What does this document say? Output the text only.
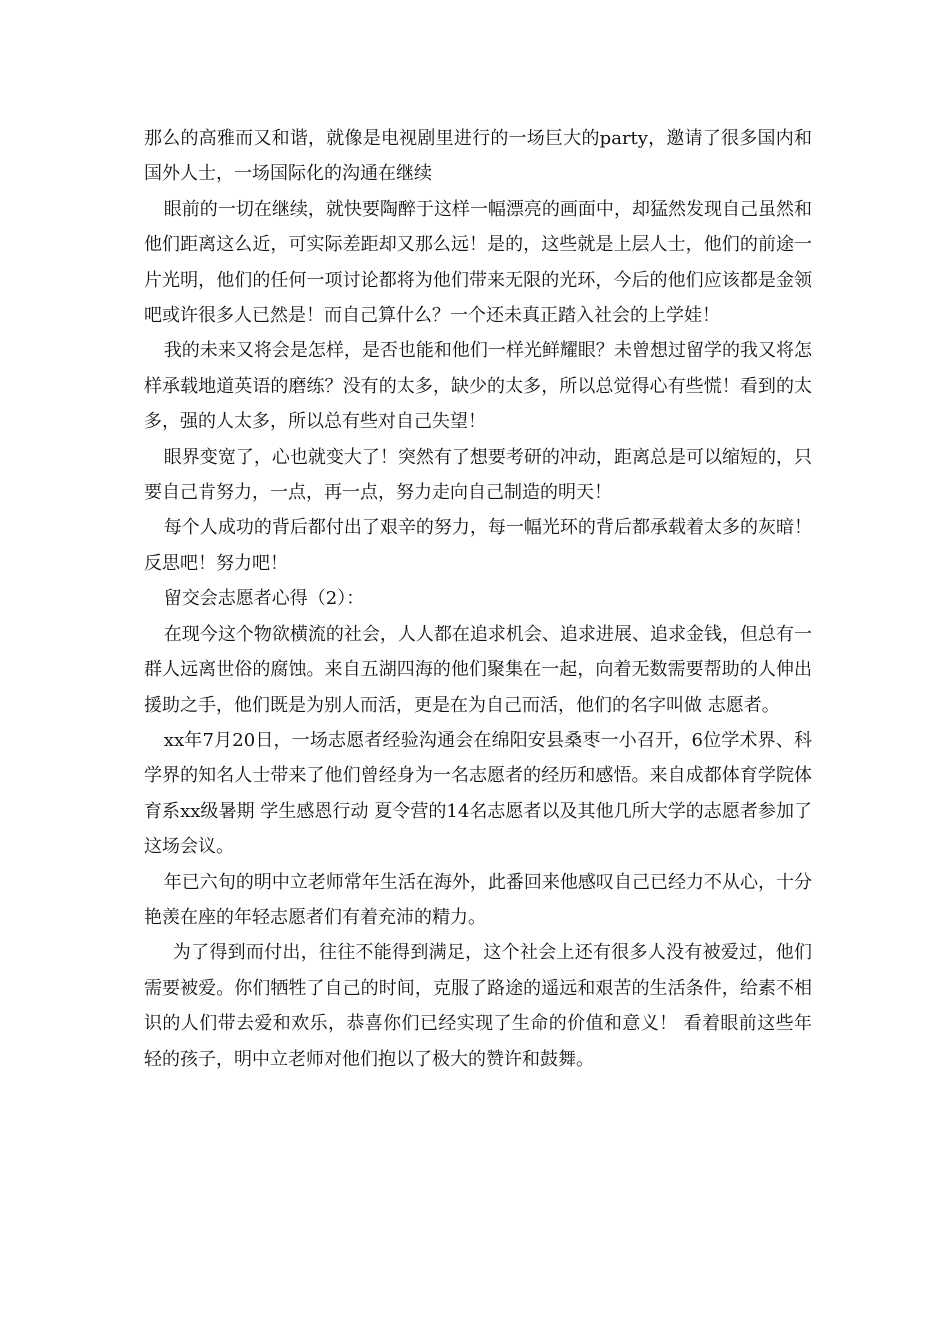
那么的高雅而又和谐，就像是电视剧里进行的一场巨大的party，邀请了很多国内和国外人士，一场国际化的沟通在继续

眼前的一切在继续，就快要陶醉于这样一幅漂亮的画面中，却猛然发现自己虽然和他们距离这么近，可实际差距却又那么远！是的，这些就是上层人士，他们的前途一片光明，他们的任何一项讨论都将为他们带来无限的光环，今后的他们应该都是金领吧或许很多人已然是！而自己算什么？一个还未真正踏入社会的上学娃！

我的未来又将会是怎样，是否也能和他们一样光鲜耀眼？未曾想过留学的我又将怎样承载地道英语的磨练？没有的太多，缺少的太多，所以总觉得心有些慌！看到的太多，强的人太多，所以总有些对自己失望！

眼界变宽了，心也就变大了！突然有了想要考研的冲动，距离总是可以缩短的，只要自己肯努力，一点，再一点，努力走向自己制造的明天！

每个人成功的背后都付出了艰辛的努力，每一幅光环的背后都承载着太多的灰暗！反思吧！努力吧！

留交会志愿者心得（2）：

在现今这个物欲横流的社会，人人都在追求机会、追求进展、追求金钱，但总有一群人远离世俗的腐蚀。来自五湖四海的他们聚集在一起，向着无数需要帮助的人伸出援助之手，他们既是为别人而活，更是在为自己而活，他们的名字叫做 志愿者。

xx年7月20日，一场志愿者经验沟通会在绵阳安县桑枣一小召开，6位学术界、科学界的知名人士带来了他们曾经身为一名志愿者的经历和感悟。来自成都体育学院体育系xx级暑期 学生感恩行动 夏令营的14名志愿者以及其他几所大学的志愿者参加了这场会议。

年已六旬的明中立老师常年生活在海外，此番回来他感叹自己已经力不从心，十分艳羡在座的年轻志愿者们有着充沛的精力。

为了得到而付出，往往不能得到满足，这个社会上还有很多人没有被爱过，他们需要被爱。你们牺牲了自己的时间，克服了路途的遥远和艰苦的生活条件，给素不相识的人们带去爱和欢乐，恭喜你们已经实现了生命的价值和意义！ 看着眼前这些年轻的孩子，明中立老师对他们抱以了极大的赞许和鼓舞。
